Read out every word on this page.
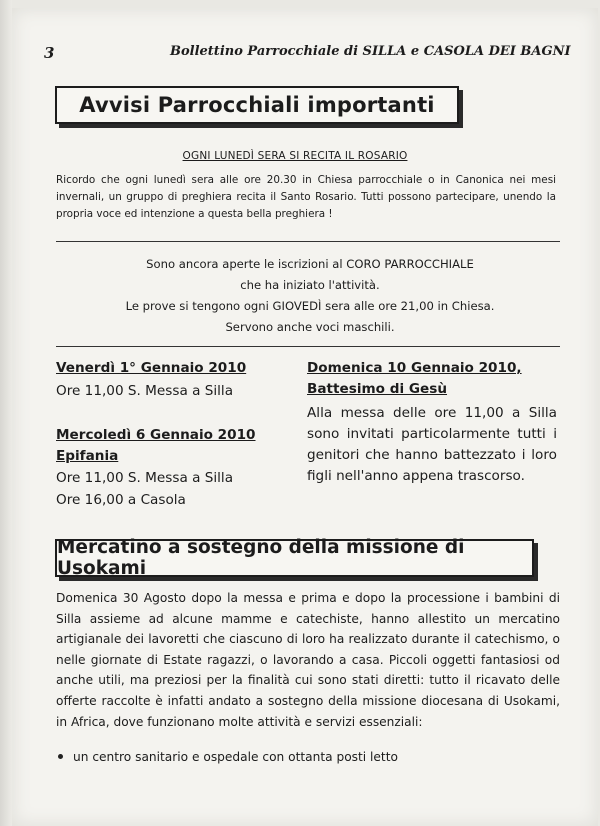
3	Bollettino Parrocchiale di SILLA e CASOLA DEI BAGNI
Avvisi Parrocchiali importanti
OGNI LUNEDÌ SERA SI RECITA IL ROSARIO
Ricordo che ogni lunedì sera alle ore 20.30 in Chiesa parrocchiale o in Canonica nei mesi invernali, un gruppo di preghiera recita il Santo Rosario. Tutti possono partecipare, unendo la propria voce ed intenzione a questa bella preghiera !
Sono ancora aperte le iscrizioni al CORO PARROCCHIALE
che ha iniziato l'attività.
Le prove si tengono ogni GIOVEDÌ sera alle ore 21,00 in Chiesa.
Servono anche voci maschili.
Venerdì 1° Gennaio 2010
Ore 11,00 S. Messa a Silla
Mercoledì 6 Gennaio 2010
Epifania
Ore 11,00 S. Messa a Silla
Ore 16,00 a Casola
Domenica 10 Gennaio 2010,
Battesimo di Gesù
Alla messa delle ore 11,00 a Silla sono invitati particolarmente tutti i genitori che hanno battezzato i loro figli nell'anno appena trascorso.
Mercatino a sostegno della missione di Usokami
Domenica 30 Agosto dopo la messa e prima e dopo la processione i bambini di Silla assieme ad alcune mamme e catechiste, hanno allestito un mercatino artigianale dei lavoretti che ciascuno di loro ha realizzato durante il catechismo, o nelle giornate di Estate ragazzi, o lavorando a casa. Piccoli oggetti fantasiosi od anche utili, ma preziosi per la finalità cui sono stati diretti: tutto il ricavato delle offerte raccolte è infatti andato a sostegno della missione diocesana di Usokami, in Africa, dove funzionano molte attività e servizi essenziali:
un centro sanitario e ospedale con ottanta posti letto
